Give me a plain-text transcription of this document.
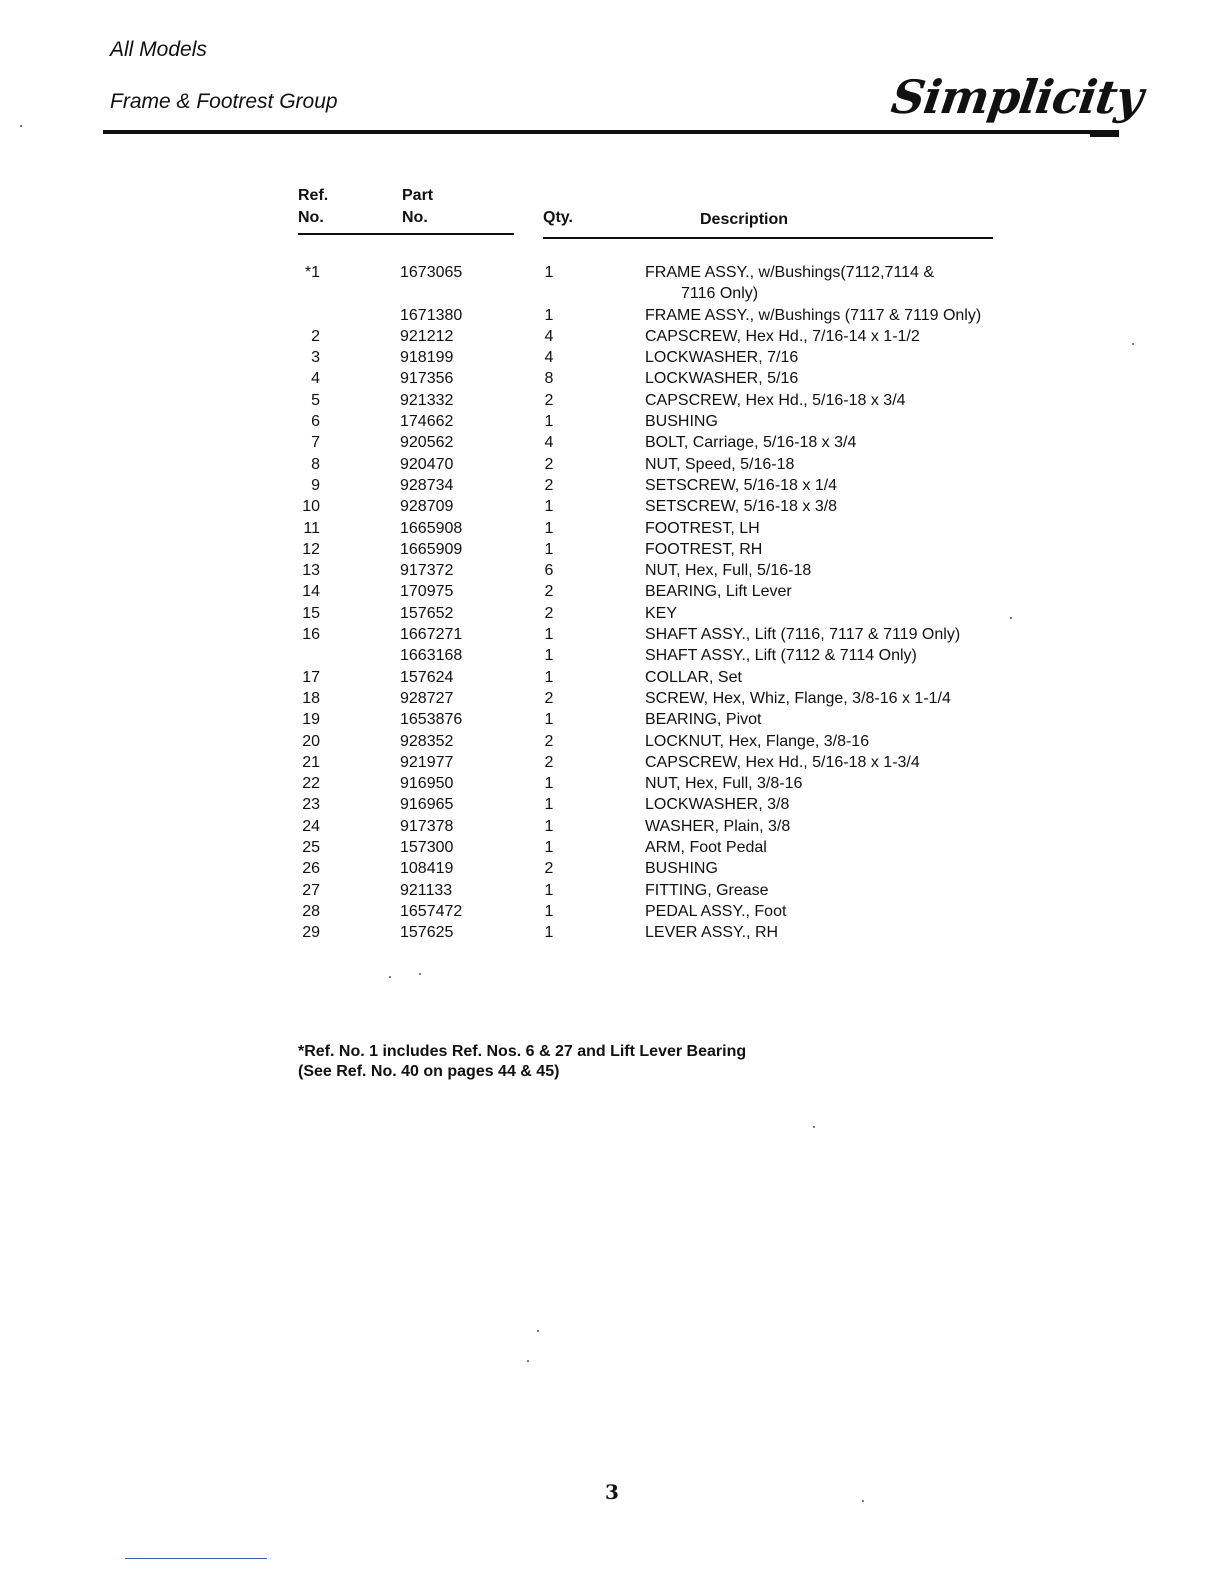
All Models
Frame & Footrest Group	Simplicity
Ref.
No.
Part
No.	Qty.	Description
*1	1673065	1	FRAME ASSY., w/Bushings(7112,7114 &
7116 Only)

	1671380	1	FRAME ASSY., w/Bushings (7117 & 7119 Only)
2	921212	4	CAPSCREW, Hex Hd., 7/16-14 x 1-1/2
3	918199	4	LOCKWASHER, 7/16
4	917356	8	LOCKWASHER, 5/16
5	921332	2	CAPSCREW, Hex Hd., 5/16-18 x 3/4
6	174662	1	BUSHING
7	920562	4	BOLT, Carriage, 5/16-18 x 3/4
8	920470	2	NUT, Speed, 5/16-18
9	928734	2	SETSCREW, 5/16-18 x 1/4
10	928709	1	SETSCREW, 5/16-18 x 3/8
11	1665908	1	FOOTREST, LH
12	1665909	1	FOOTREST, RH
13	917372	6	NUT, Hex, Full, 5/16-18
14	170975	2	BEARING, Lift Lever
15	157652	2	KEY
16	1667271	1	SHAFT ASSY., Lift (7116, 7117 & 7119 Only)
	1663168	1	SHAFT ASSY., Lift (7112 & 7114 Only)
17	157624	1	COLLAR, Set
18	928727	2	SCREW, Hex, Whiz, Flange, 3/8-16 x 1-1/4
19	1653876	1	BEARING, Pivot
20	928352	2	LOCKNUT, Hex, Flange, 3/8-16
21	921977	2	CAPSCREW, Hex Hd., 5/16-18 x 1-3/4
22	916950	1	NUT, Hex, Full, 3/8-16
23	916965	1	LOCKWASHER, 3/8
24	917378	1	WASHER, Plain, 3/8
25	157300	1	ARM, Foot Pedal
26	108419	2	BUSHING
27	921133	1	FITTING, Grease
28	1657472	1	PEDAL ASSY., Foot
29	157625	1	LEVER ASSY., RH
*Ref. No. 1 includes Ref. Nos. 6 & 27 and Lift Lever Bearing
(See Ref. No. 40 on pages 44 & 45)
3
